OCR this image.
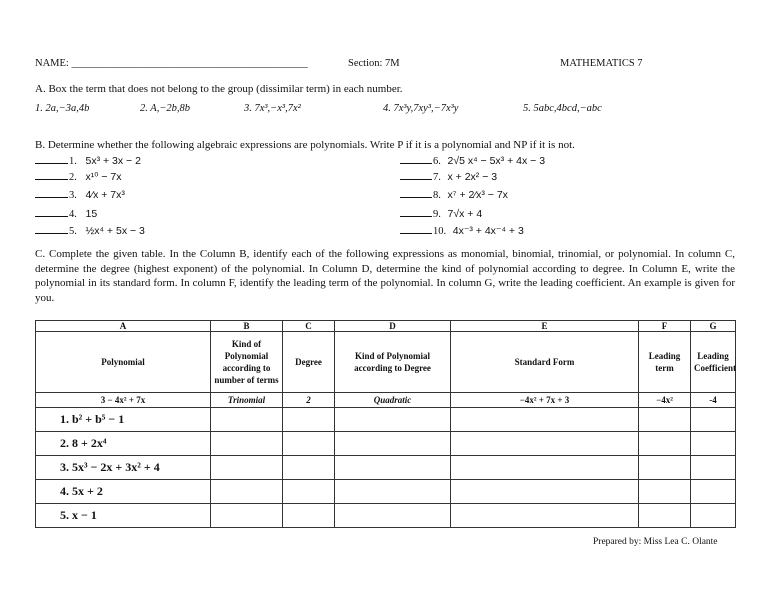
NAME: _____________________________________________	Section: 7M	MATHEMATICS 7
A. Box the term that does not belong to the group (dissimilar term) in each number.
1. 2a,−3a,4b	2. A,−2b,8b	3. 7x³,−x³,7x²	4. 7x³y,7xy³,−7x³y	5. 5abc,4bcd,−abc
B. Determine whether the following algebraic expressions are polynomials. Write P if it is a polynomial and NP if it is not.
1. 5x³ + 3x − 2
2. x¹⁰ − 7x
3. 4⁄x + 7x³
4. 15
5. ½x⁴ + 5x − 3
6. 2√5 x⁴ − 5x³ + 4x − 3
7. x + 2x² − 3
8. x⁷ + 2⁄x³ − 7x
9. 7√x + 4
10. 4x⁻³ + 4x⁻⁴ + 3
C. Complete the given table. In the Column B, identify each of the following expressions as monomial, binomial, trinomial, or polynomial. In column C, determine the degree (highest exponent) of the polynomial. In Column D, determine the kind of polynomial according to degree. In Column E, write the polynomial in its standard form. In column F, identify the leading term of the polynomial. In column G, write the leading coefficient. An example is given for you.
A	B	C	D	E	F	G
Polynomial	Kind of Polynomial according to number of terms	Degree	Kind of Polynomial according to Degree	Standard Form	Leading term	Leading Coefficient
3 − 4x² + 7x	Trinomial	2	Quadratic	−4x² + 7x + 3	−4x²	-4
1. b² + b⁵ − 1						
2. 8 + 2x⁴						
3. 5x³ − 2x + 3x² + 4						
4. 5x + 2						
5. x − 1						
Prepared by: Miss Lea C. Olante
